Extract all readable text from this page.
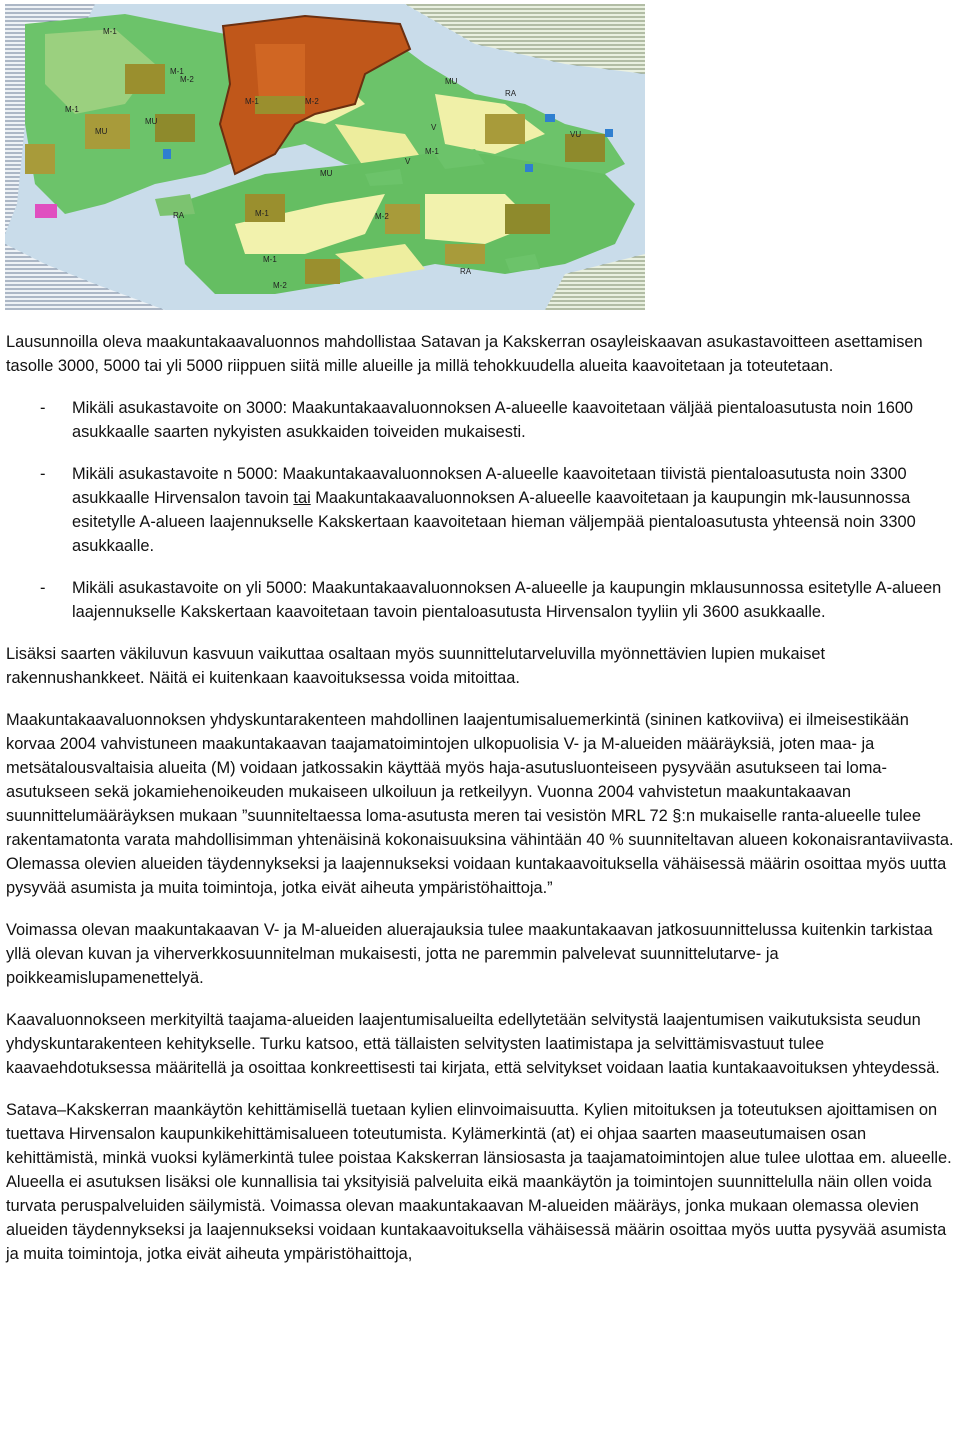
M-1
M-1
M-1
M-2
M-2
M-2
MU
MU
MU
M-1
M-1
M-2
V
V
VU
RA
RA
RA
MU
M-1
M-1

Lausunnoilla oleva maakuntakaavaluonnos mahdollistaa Satavan ja Kakskerran osayleiskaavan asukastavoitteen asettamisen tasolle 3000, 5000 tai yli 5000 riippuen siitä mille alueille ja millä tehokkuudella alueita kaavoitetaan ja toteutetaan.

-	Mikäli asukastavoite on 3000: Maakuntakaavaluonnoksen A-alueelle kaavoitetaan väljää pientaloasutusta noin 1600 asukkaalle saarten nykyisten asukkaiden toiveiden mukaisesti.
-	Mikäli asukastavoite n 5000: Maakuntakaavaluonnoksen A-alueelle kaavoitetaan tiivistä pientaloasutusta noin 3300 asukkaalle Hirvensalon tavoin tai Maakuntakaavaluonnoksen A-alueelle kaavoitetaan ja kaupungin mk-lausunnossa esitetylle A-alueen laajennukselle Kakskertaan kaavoitetaan hieman väljempää pientaloasutusta yhteensä noin 3300 asukkaalle.
-	Mikäli asukastavoite on yli 5000: Maakuntakaavaluonnoksen A-alueelle ja kaupungin mklausunnossa esitetylle A-alueen laajennukselle Kakskertaan kaavoitetaan tavoin pientaloasutusta Hirvensalon tyyliin yli 3600 asukkaalle.

Lisäksi saarten väkiluvun kasvuun vaikuttaa osaltaan myös suunnittelutarveluvilla myönnettävien lupien mukaiset rakennushankkeet. Näitä ei kuitenkaan kaavoituksessa voida mitoittaa.

Maakuntakaavaluonnoksen yhdyskuntarakenteen mahdollinen laajentumisaluemerkintä (sininen katkoviiva) ei ilmeisestikään korvaa 2004 vahvistuneen maakuntakaavan taajamatoimintojen ulkopuolisia V- ja M-alueiden määräyksiä, joten maa- ja metsätalousvaltaisia alueita (M) voidaan jatkossakin käyttää myös haja-asutusluonteiseen pysyvään asutukseen tai loma-asutukseen sekä jokamiehenoikeuden mukaiseen ulkoiluun ja retkeilyyn. Vuonna 2004 vahvistetun maakuntakaavan suunnittelumääräyksen mukaan ”suunniteltaessa loma-asutusta meren tai vesistön MRL 72 §:n mukaiselle ranta-alueelle tulee rakentamatonta varata mahdollisimman yhtenäisinä kokonaisuuksina vähintään 40 % suunniteltavan alueen kokonaisrantaviivasta. Olemassa olevien alueiden täydennykseksi ja laajennukseksi voidaan kuntakaavoituksella vähäisessä määrin osoittaa myös uutta pysyvää asumista ja muita toimintoja, jotka eivät aiheuta ympäristöhaittoja.”

Voimassa olevan maakuntakaavan V- ja M-alueiden aluerajauksia tulee maakuntakaavan jatkosuunnittelussa kuitenkin tarkistaa yllä olevan kuvan ja viherverkkosuunnitelman mukaisesti, jotta ne paremmin palvelevat suunnittelutarve- ja poikkeamislupamenettelyä.

Kaavaluonnokseen merkityiltä taajama-alueiden laajentumisalueilta edellytetään selvitystä laajentumisen vaikutuksista seudun yhdyskuntarakenteen kehitykselle. Turku katsoo, että tällaisten selvitysten laatimistapa ja selvittämisvastuut tulee kaavaehdotuksessa määritellä ja osoittaa konkreettisesti tai kirjata, että selvitykset voidaan laatia kuntakaavoituksen yhteydessä.

Satava–Kakskerran maankäytön kehittämisellä tuetaan kylien elinvoimaisuutta. Kylien mitoituksen ja toteutuksen ajoittamisen on tuettava Hirvensalon kaupunkikehittämisalueen toteutumista. Kylämerkintä (at) ei ohjaa saarten maaseutumaisen osan kehittämistä, minkä vuoksi kylämerkintä tulee poistaa Kakskerran länsiosasta ja taajamatoimintojen alue tulee ulottaa em. alueelle. Alueella ei asutuksen lisäksi ole kunnallisia tai yksityisiä palveluita eikä maankäytön ja toimintojen suunnittelulla näin ollen voida turvata peruspalveluiden säilymistä. Voimassa olevan maakuntakaavan M-alueiden määräys, jonka mukaan olemassa olevien alueiden täydennykseksi ja laajennukseksi voidaan kuntakaavoituksella vähäisessä määrin osoittaa myös uutta pysyvää asumista ja muita toimintoja, jotka eivät aiheuta ympäristöhaittoja,
